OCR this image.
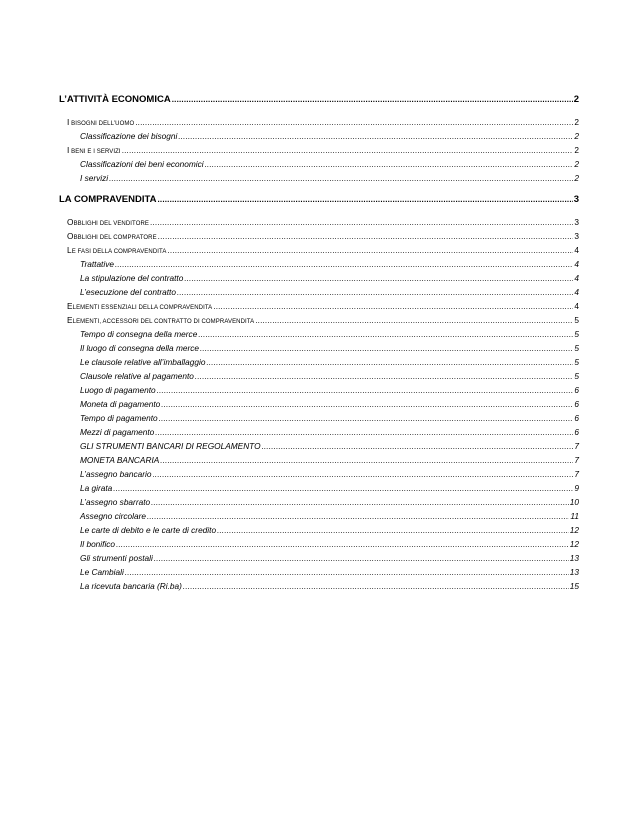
L’ATTIVITÀ ECONOMICA .....	2
I BISOGNI DELL’UOMO .....	2
Classificazione dei bisogni .....	2
I BENI E I SERVIZI .....	2
Classificazioni dei beni economici .....	2
I servizi .....	2
LA COMPRAVENDITA .....	3
OBBLIGHI DEL VENDITORE .....	3
OBBLIGHI DEL COMPRATORE .....	3
LE FASI DELLA COMPRAVENDITA .....	4
Trattative .....	4
La stipulazione del contratto .....	4
L’esecuzione del contratto .....	4
ELEMENTI ESSENZIALI DELLA COMPRAVENDITA .....	4
ELEMENTI, ACCESSORI DEL CONTRATTO DI COMPRAVENDITA .....	5
Tempo di consegna della merce .....	5
Il luogo di consegna della merce .....	5
Le clausole relative all’imballaggio .....	5
Clausole relative al pagamento .....	5
Luogo di pagamento .....	6
Moneta di pagamento .....	6
Tempo di pagamento .....	6
Mezzi di pagamento .....	6
GLI STRUMENTI BANCARI DI REGOLAMENTO .....	7
MONETA BANCARIA .....	7
L’assegno bancario .....	7
La girata .....	9
L’assegno sbarrato .....	10
Assegno circolare .....	11
Le carte di debito e le carte di credito .....	12
Il bonifico .....	12
Gli strumenti postali .....	13
Le Cambiali .....	13
La ricevuta bancaria (Ri.ba) .....	15
